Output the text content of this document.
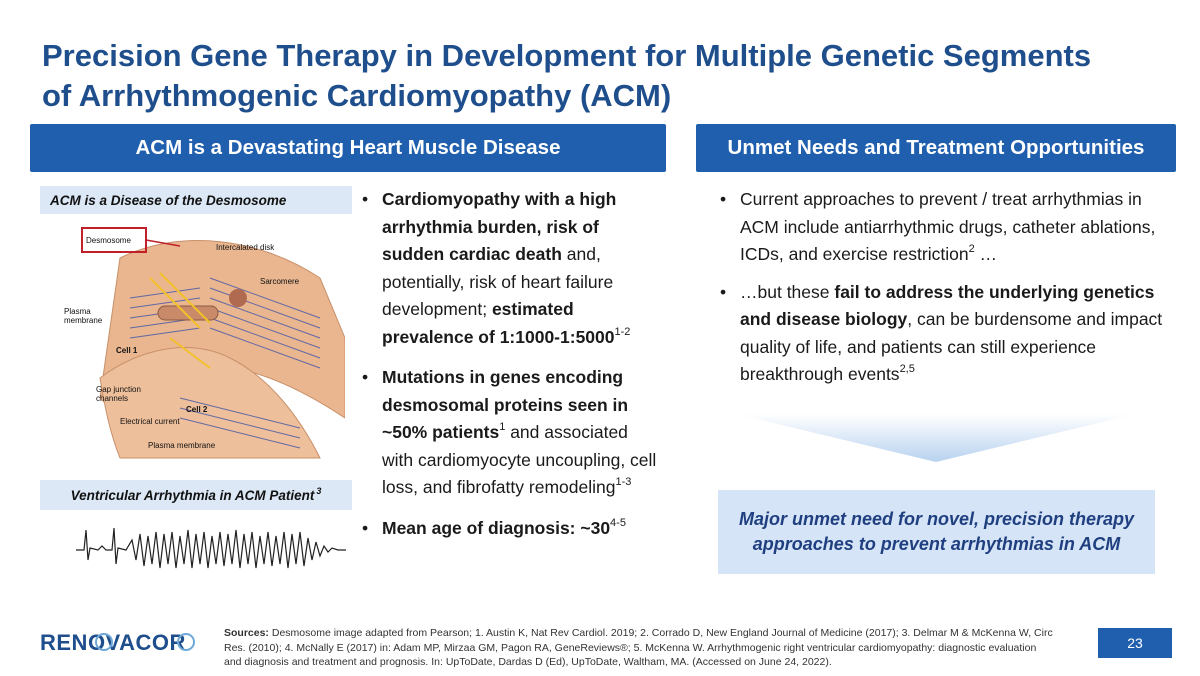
Precision Gene Therapy in Development for Multiple Genetic Segments
of Arrhythmogenic Cardiomyopathy (ACM)
ACM is a Devastating Heart Muscle Disease	Unmet Needs and Treatment Opportunities
ACM is a Disease of the Desmosome
Desmosome
Intercalated disk
Sarcomere
Plasma
membrane
Cell 1
Gap junction
channels
Cell 2
Electrical current
Plasma membrane
Ventricular Arrhythmia in ACM Patient$^3$
• Cardiomyopathy with a high arrhythmia burden, risk of sudden cardiac death and, potentially, risk of heart failure development; estimated prevalence of 1:1000-1:5000$^{1-2}$
• Mutations in genes encoding desmosomal proteins seen in ~50% patients$^1$ and associated with cardiomyocyte uncoupling, cell loss, and fibrofatty remodeling$^{1-3}$
• Mean age of diagnosis: ~30$^{4-5}$
• Current approaches to prevent / treat arrhythmias in ACM include antiarrhythmic drugs, catheter ablations, ICDs, and exercise restriction$^2$ …
• …but these fail to address the underlying genetics and disease biology, can be burdensome and impact quality of life, and patients can still experience breakthrough events$^{2,5}$
Major unmet need for novel, precision therapy approaches to prevent arrhythmias in ACM
RENOVACOR	Sources: Desmosome image adapted from Pearson; 1. Austin K, Nat Rev Cardiol. 2019; 2. Corrado D, New England Journal of Medicine (2017); 3. Delmar M & McKenna W, Circ Res. (2010); 4. McNally E (2017) in: Adam MP, Mirzaa GM, Pagon RA, GeneReviews®; 5. McKenna W. Arrhythmogenic right ventricular cardiomyopathy: diagnostic evaluation and diagnosis and treatment and prognosis. In: UpToDate, Dardas D (Ed), UpToDate, Waltham, MA. (Accessed on June 24, 2022).

23
